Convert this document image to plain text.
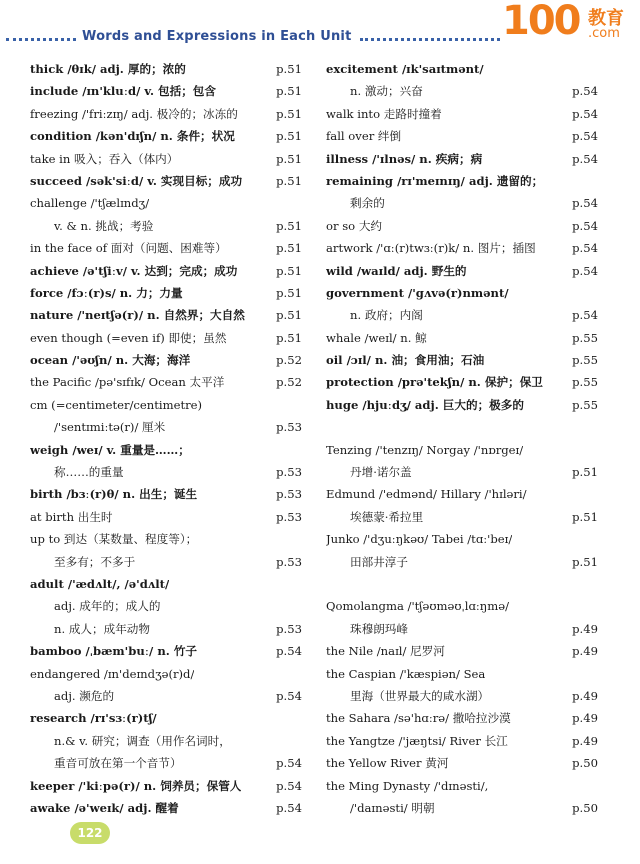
Words and Expressions in Each Unit	100 教育
.com
thick /θɪk/ adj. 厚的；浓的	p.51
include /ɪn'kluːd/ v. 包括；包含	p.51
freezing /'friːzɪŋ/ adj. 极冷的；冰冻的	p.51
condition /kən'dɪʃn/ n. 条件；状况	p.51
take in 吸入；吞入（体内）	p.51
succeed /sək'siːd/ v. 实现目标；成功	p.51
challenge /'tʃælɪndʒ/
v. & n. 挑战；考验	p.51
in the face of 面对（问题、困难等）	p.51
achieve /ə'tʃiːv/ v. 达到；完成；成功	p.51
force /fɔː(r)s/ n. 力；力量	p.51
nature /'neɪtʃə(r)/ n. 自然界；大自然	p.51
even though (=even if) 即使；虽然	p.51
ocean /'əʊʃn/ n. 大海；海洋	p.52
the Pacific /pə'sɪfɪk/ Ocean 太平洋	p.52
cm (=centimeter/centimetre)
/'sentɪmiːtə(r)/ 厘米	p.53
weigh /weɪ/ v. 重量是……；
称……的重量	p.53
birth /bɜː(r)θ/ n. 出生；诞生	p.53
at birth 出生时	p.53
up to 到达（某数量、程度等）；
至多有；不多于	p.53
adult /'ædʌlt/, /ə'dʌlt/
adj. 成年的；成人的
n. 成人；成年动物	p.53
bamboo /ˌbæm'buː/ n. 竹子	p.54
endangered /ɪn'deɪndʒə(r)d/
adj. 濒危的	p.54
research /rɪ'sɜː(r)tʃ/
n.& v. 研究；调查（用作名词时，
重音可放在第一个音节）	p.54
keeper /'kiːpə(r)/ n. 饲养员；保管人	p.54
awake /ə'weɪk/ adj. 醒着	p.54
excitement /ɪk'saɪtmənt/
n. 激动；兴奋	p.54
walk into 走路时撞着	p.54
fall over 绊倒	p.54
illness /'ɪlnəs/ n. 疾病；病	p.54
remaining /rɪ'meɪnɪŋ/ adj. 遗留的；
剩余的	p.54
or so 大约	p.54
artwork /'ɑː(r)twɜː(r)k/ n. 图片；插图	p.54
wild /waɪld/ adj. 野生的	p.54
government /'gʌvə(r)nmənt/
n. 政府；内阁	p.54
whale /weɪl/ n. 鲸	p.55
oil /ɔɪl/ n. 油；食用油；石油	p.55
protection /prə'tekʃn/ n. 保护；保卫	p.55
huge /hjuːdʒ/ adj. 巨大的；极多的	p.55
Tenzing /'tenzɪŋ/ Norgay /'nɒrgeɪ/
丹增·诺尔盖	p.51
Edmund /'edmənd/ Hillary /'hɪləri/
埃德蒙·希拉里	p.51
Junko /'dʒuːŋkəʊ/ Tabei /tɑː'beɪ/
田部井淳子	p.51
Qomolangma /'tʃəʊməʊˌlɑːŋmə/
珠穆朗玛峰	p.49
the Nile /naɪl/ 尼罗河	p.49
the Caspian /'kæspiən/ Sea
里海（世界最大的咸水湖）	p.49
the Sahara /sə'hɑːrə/ 撒哈拉沙漠	p.49
the Yangtze /'jæŋtsi/ River 长江	p.49
the Yellow River 黄河	p.50
the Ming Dynasty /'dɪnəsti/,
/'daɪnəsti/ 明朝	p.50
122
